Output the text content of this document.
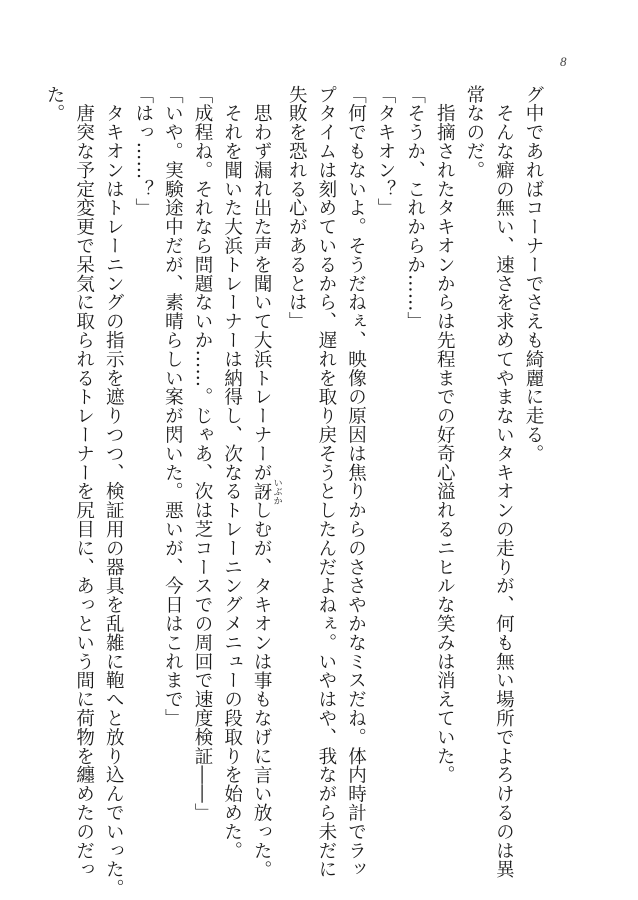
8
グ中であればコーナーでさえも綺麗に走る。
　そんな癖の無い、速さを求めてやまないタキオンの走りが、何も無い場所でよろけるのは異
常なのだ。
　指摘されたタキオンからは先程までの好奇心溢れるニヒルな笑みは消えていた。
「そうか、これからか……」
「タキオン？」
「何でもないよ。そうだねぇ、映像の原因は焦りからのささやかなミスだね。体内時計でラッ
プタイムは刻めているから、遅れを取り戻そうとしたんだよねぇ。いやはや、我ながら未だに
失敗を恐れる心があるとは」
　思わず漏れ出た声を聞いて大浜トレーナーが訝 いぶかしむが、タキオンは事もなげに言い放った。
　それを聞いた大浜トレーナーは納得し、次なるトレーニングメニューの段取りを始めた。
「成程ね。それなら問題ないか……。じゃあ、次は芝コースでの周回で速度検証――」
「いや。実験途中だが、素晴らしい案が閃いた。悪いが、今日はこれまで」
「はっ……？」
　タキオンはトレーニングの指示を遮りつつ、検証用の器具を乱雑に鞄へと放り込んでいった。
　唐突な予定変更で呆気に取られるトレーナーを尻目に、あっという間に荷物を纏めたのだっ
た。
